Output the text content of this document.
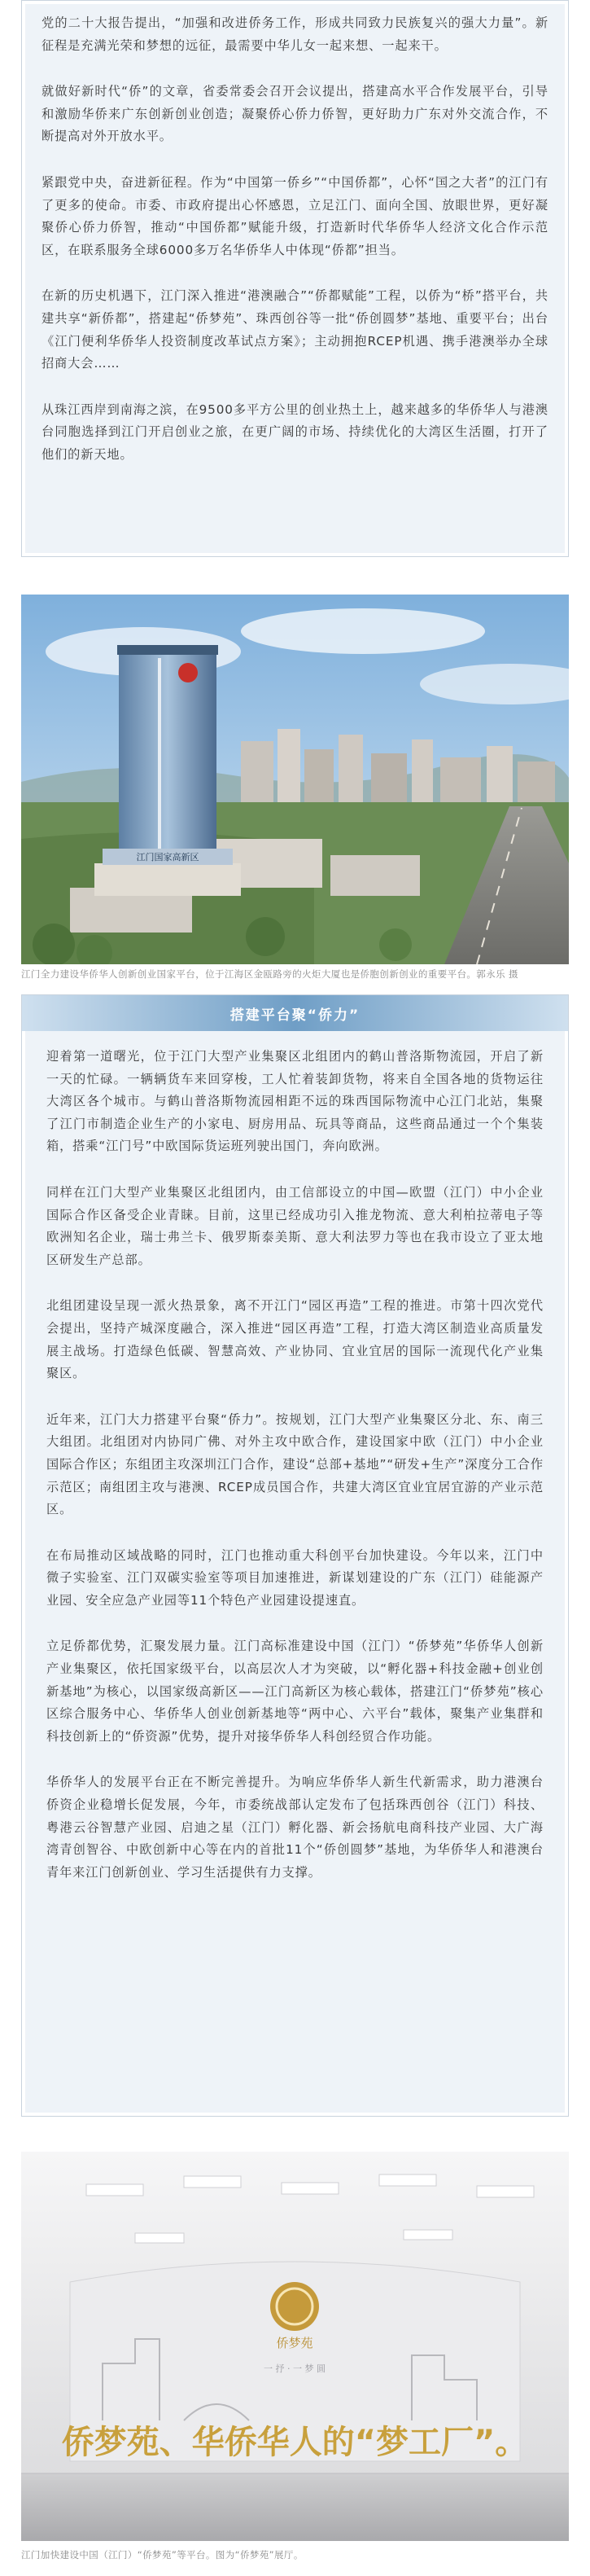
党的二十大报告提出，“加强和改进侨务工作，形成共同致力民族复兴的强大力量”。新征程是充满光荣和梦想的远征，最需要中华儿女一起来想、一起来干。

就做好新时代“侨”的文章，省委常委会召开会议提出，搭建高水平合作发展平台，引导和激励华侨来广东创新创业创造；凝聚侨心侨力侨智，更好助力广东对外交流合作，不断提高对外开放水平。

紧跟党中央，奋进新征程。作为“中国第一侨乡”“中国侨都”，心怀“国之大者”的江门有了更多的使命。市委、市政府提出心怀感恩，立足江门、面向全国、放眼世界，更好凝聚侨心侨力侨智，推动“中国侨都”赋能升级，打造新时代华侨华人经济文化合作示范区，在联系服务全球6000多万名华侨华人中体现“侨都”担当。

在新的历史机遇下，江门深入推进“港澳融合”“侨都赋能”工程，以侨为“桥”搭平台，共建共享“新侨都”，搭建起“侨梦苑”、珠西创谷等一批“侨创圆梦”基地、重要平台；出台《江门便利华侨华人投资制度改革试点方案》；主动拥抱RCEP机遇、携手港澳举办全球招商大会……

从珠江西岸到南海之滨，在9500多平方公里的创业热土上，越来越多的华侨华人与港澳台同胞选择到江门开启创业之旅，在更广阔的市场、持续优化的大湾区生活圈，打开了他们的新天地。

江门国家高新区
江门全力建设华侨华人创新创业国家平台，位于江海区金瓯路旁的火炬大厦也是侨胞创新创业的重要平台。郭永乐 摄
搭建平台聚“侨力”

迎着第一道曙光，位于江门大型产业集聚区北组团内的鹤山普洛斯物流园，开启了新一天的忙碌。一辆辆货车来回穿梭，工人忙着装卸货物，将来自全国各地的货物运往大湾区各个城市。与鹤山普洛斯物流园相距不远的珠西国际物流中心江门北站，集聚了江门市制造企业生产的小家电、厨房用品、玩具等商品，这些商品通过一个个集装箱，搭乘“江门号”中欧国际货运班列驶出国门，奔向欧洲。

同样在江门大型产业集聚区北组团内，由工信部设立的中国—欧盟（江门）中小企业国际合作区备受企业青睐。目前，这里已经成功引入推龙物流、意大利柏拉蒂电子等欧洲知名企业，瑞士弗兰卡、俄罗斯泰美斯、意大利法罗力等也在我市设立了亚太地区研发生产总部。

北组团建设呈现一派火热景象，离不开江门“园区再造”工程的推进。市第十四次党代会提出，坚持产城深度融合，深入推进“园区再造”工程，打造大湾区制造业高质量发展主战场。打造绿色低碳、智慧高效、产业协同、宜业宜居的国际一流现代化产业集聚区。

近年来，江门大力搭建平台聚“侨力”。按规划，江门大型产业集聚区分北、东、南三大组团。北组团对内协同广佛、对外主攻中欧合作，建设国家中欧（江门）中小企业国际合作区；东组团主攻深圳江门合作，建设“总部+基地”“研发+生产”深度分工合作示范区；南组团主攻与港澳、RCEP成员国合作，共建大湾区宜业宜居宜游的产业示范区。

在布局推动区域战略的同时，江门也推动重大科创平台加快建设。今年以来，江门中微子实验室、江门双碳实验室等项目加速推进，新谋划建设的广东（江门）硅能源产业园、安全应急产业园等11个特色产业园建设提速直。

立足侨都优势，汇聚发展力量。江门高标准建设中国（江门）“侨梦苑”华侨华人创新产业集聚区，依托国家级平台，以高层次人才为突破，以“孵化器+科技金融+创业创新基地”为核心，以国家级高新区——江门高新区为核心载体，搭建江门“侨梦苑”核心区综合服务中心、华侨华人创业创新基地等“两中心、六平台”载体，聚集产业集群和科技创新上的“侨资源”优势，提升对接华侨华人科创经贸合作功能。

华侨华人的发展平台正在不断完善提升。为响应华侨华人新生代新需求，助力港澳台侨资企业稳增长促发展，今年，市委统战部认定发布了包括珠西创谷（江门）科技、粤港云谷智慧产业园、启迪之星（江门）孵化器、新会扬航电商科技产业园、大广海湾青创智谷、中欧创新中心等在内的首批11个“侨创圆梦”基地，为华侨华人和港澳台青年来江门创新创业、学习生活提供有力支撑。

侨梦苑
一 抒 · 一 梦 圆
侨梦苑、华侨华人的“梦工厂”。
江门加快建设中国（江门）“侨梦苑”等平台。图为“侨梦苑”展厅。
